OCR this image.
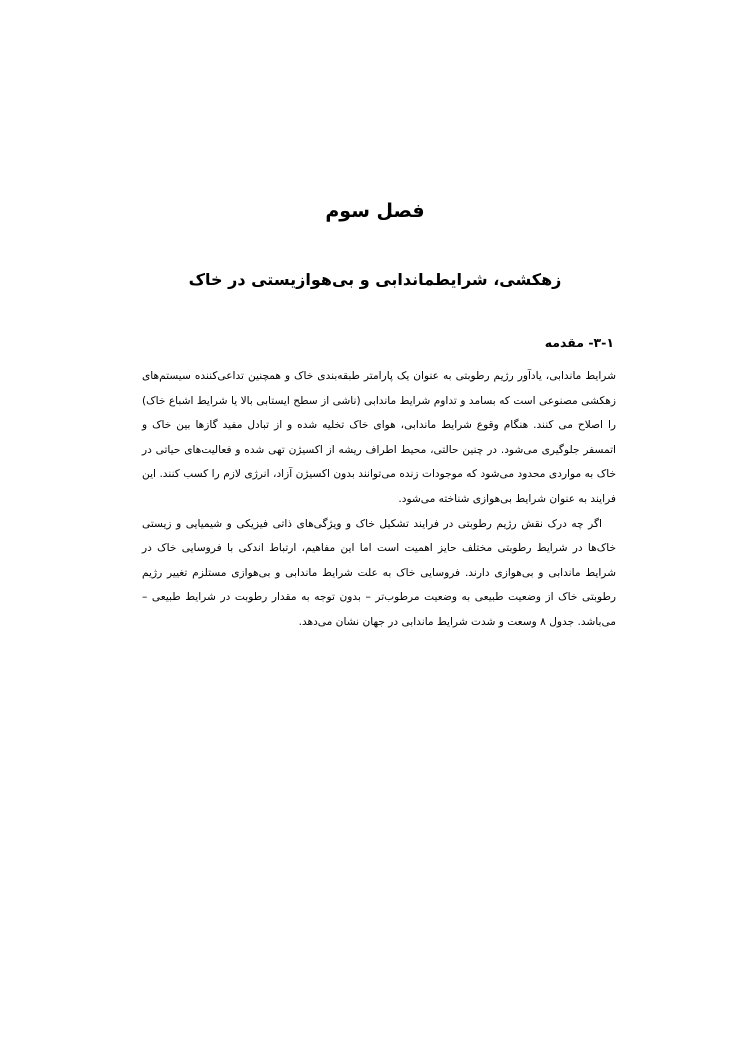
فصل سوم
زهکشی، شرایطماندابی و بی‌هوازیستی در خاک
۳-۱- مقدمه

شرایط ماندابی، یادآور رژیم رطوبتی به عنوان یک پارامتر طبقه‌بندی خاک و همچنین تداعی‌کننده سیستم‌های زهکشی مصنوعی است که بسامد و تداوم شرایط ماندابی (ناشی از سطح ایستابی بالا یا شرایط اشباع خاک) را اصلاح می کنند. هنگام وقوع شرایط ماندابی، هوای خاک تخلیه شده و از تبادل مفید گازها بین خاک و اتمسفر جلوگیری می‌شود. در چنین حالتی، محیط اطراف ریشه از اکسیژن تهی شده و فعالیت‌های حیاتی در خاک به مواردی محدود می‌شود که موجودات زنده می‌توانند بدون اکسیژن آزاد، انرژی لازم را کسب کنند. این فرایند به عنوان شرایط بی‌هوازی شناخته می‌شود.

اگر چه درک نقش رژیم رطوبتی در فرایند تشکیل خاک و ویژگی‌های ذاتی فیزیکی و شیمیایی و زیستی خاک‌ها در شرایط رطوبتی مختلف حایز اهمیت است اما این مفاهیم، ارتباط اندکی با فروسایی خاک در شرایط ماندابی و بی‌هوازی دارند. فروسایی خاک به علت شرایط ماندابی و بی‌هوازی مستلزم تغییر رژیم رطوبتی خاک از وضعیت طبیعی به وضعیت مرطوب‌تر – بدون توجه به مقدار رطوبت در شرایط طبیعی – می‌باشد. جدول ۸ وسعت و شدت شرایط ماندابی در جهان نشان می‌دهد.
